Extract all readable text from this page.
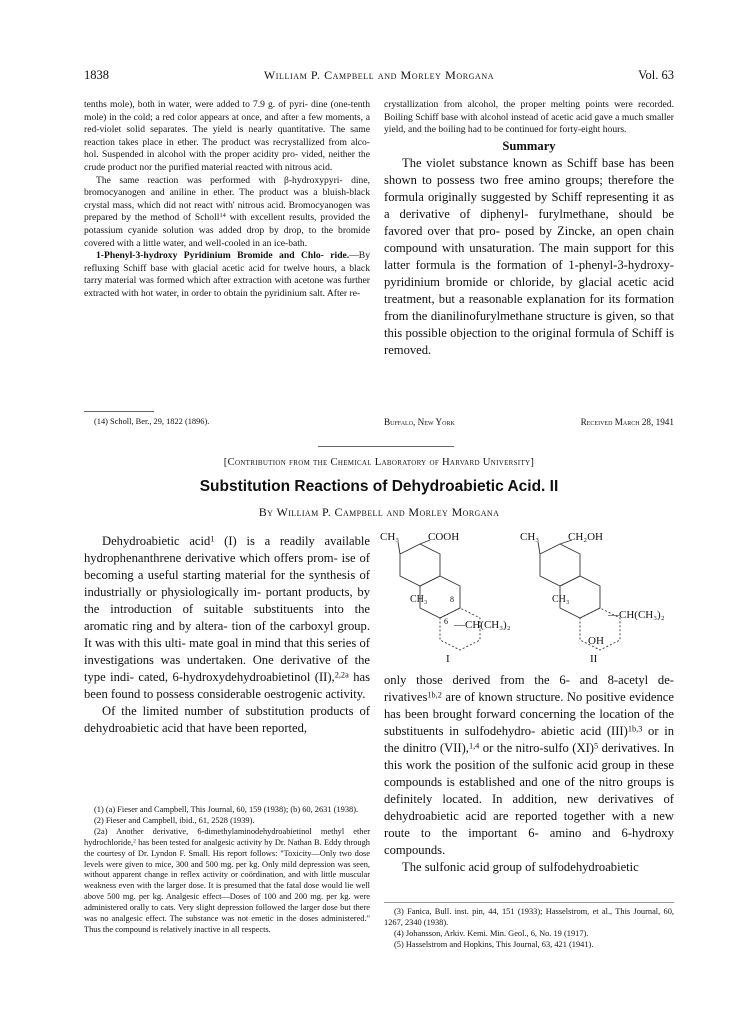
1838	William P. Campbell and Morley Morgana	Vol. 63

tenths mole), both in water, were added to 7.9 g. of pyri- dine (one-tenth mole) in the cold; a red color appears at once, and after a few moments, a red-violet solid separates. The yield is nearly quantitative. The same reaction takes place in ether. The product was recrystallized from alco- hol. Suspended in alcohol with the proper acidity pro- vided, neither the crude product nor the purified material reacted with nitrous acid.

The same reaction was performed with β-hydroxypyri- dine, bromocyanogen and aniline in ether. The product was a bluish-black crystal mass, which did not react with' nitrous acid. Bromocyanogen was prepared by the method of Scholl$^{14}$ with excellent results, provided the potassium cyanide solution was added drop by drop, to the bromide covered with a little water, and well-cooled in an ice-bath.

1-Phenyl-3-hydroxy Pyridinium Bromide and Chlo- ride.—By refluxing Schiff base with glacial acetic acid for twelve hours, a black tarry material was formed which after extraction with acetone was further extracted with hot water, in order to obtain the pyridinium salt. After re-

(14) Scholl, Ber., 29, 1822 (1896).

crystallization from alcohol, the proper melting points were recorded. Boiling Schiff base with alcohol instead of acetic acid gave a much smaller yield, and the boiling had to be continued for forty-eight hours.

Summary

The violet substance known as Schiff base has been shown to possess two free amino groups; therefore the formula originally suggested by Schiff representing it as a derivative of diphenyl- furylmethane, should be favored over that pro- posed by Zincke, an open chain compound with unsaturation. The main support for this latter formula is the formation of 1-phenyl-3-hydroxy- pyridinium bromide or chloride, by glacial acetic acid treatment, but a reasonable explanation for its formation from the dianilinofurylmethane structure is given, so that this possible objection to the original formula of Schiff is removed.

Buffalo, New York	Received March 28, 1941
[Contribution from the Chemical Laboratory of Harvard University]
Substitution Reactions of Dehydroabietic Acid. II
By William P. Campbell and Morley Morgana

Dehydroabietic acid$^1$ (I) is a readily available hydrophenanthrene derivative which offers prom- ise of becoming a useful starting material for the synthesis of industrially or physiologically im- portant products, by the introduction of suitable substituents into the aromatic ring and by altera- tion of the carboxyl group. It was with this ulti- mate goal in mind that this series of investigations was undertaken. One derivative of the type indi- cated, 6-hydroxydehydroabietinol (II),$^{2,2a}$ has been found to possess considerable oestrogenic activity.

Of the limited number of substitution products of dehydroabietic acid that have been reported,

(1) (a) Fieser and Campbell, This Journal, 60, 159 (1938); (b) 60, 2631 (1938).

(2) Fieser and Campbell, ibid., 61, 2528 (1939).

(2a) Another derivative, 6-dimethylaminodehydroabietinol methyl ether hydrochloride,$^2$ has been tested for analgesic activity by Dr. Nathan B. Eddy through the courtesy of Dr. Lyndon F. Small. His report follows: "Toxicity—Only two dose levels were given to mice, 300 and 500 mg. per kg. Only mild depression was seen, without apparent change in reflex activity or coördination, and with little muscular weakness even with the larger dose. It is presumed that the fatal dose would lie well above 500 mg. per kg. Analgesic effect—Doses of 100 and 200 mg. per kg. were administered orally to cats. Very slight depression followed the larger dose but there was no analgesic effect. The substance was not emetic in the doses administered." Thus the compound is relatively inactive in all respects.

CH₃	COOH
CH₃	8
6 —CH(CH₃)₂
I
CH₃	CH₂OH
CH₃
—CH(CH₃)₂
OH
II

only those derived from the 6- and 8-acetyl de- rivatives$^{1b,2}$ are of known structure. No positive evidence has been brought forward concerning the location of the substituents in sulfodehydro- abietic acid (III)$^{1b,3}$ or in the dinitro (VII),$^{1,4}$ or the nitro-sulfo (XI)$^5$ derivatives. In this work the position of the sulfonic acid group in these compounds is established and one of the nitro groups is definitely located. In addition, new derivatives of dehydroabietic acid are reported together with a new route to the important 6- amino and 6-hydroxy compounds.

The sulfonic acid group of sulfodehydroabietic

(3) Fanica, Bull. inst. pin, 44, 151 (1933); Hasselstrom, et al., This Journal, 60, 1267, 2340 (1938).

(4) Johansson, Arkiv. Kemi. Min. Geol., 6, No. 19 (1917).

(5) Hasselstrom and Hopkins, This Journal, 63, 421 (1941).
